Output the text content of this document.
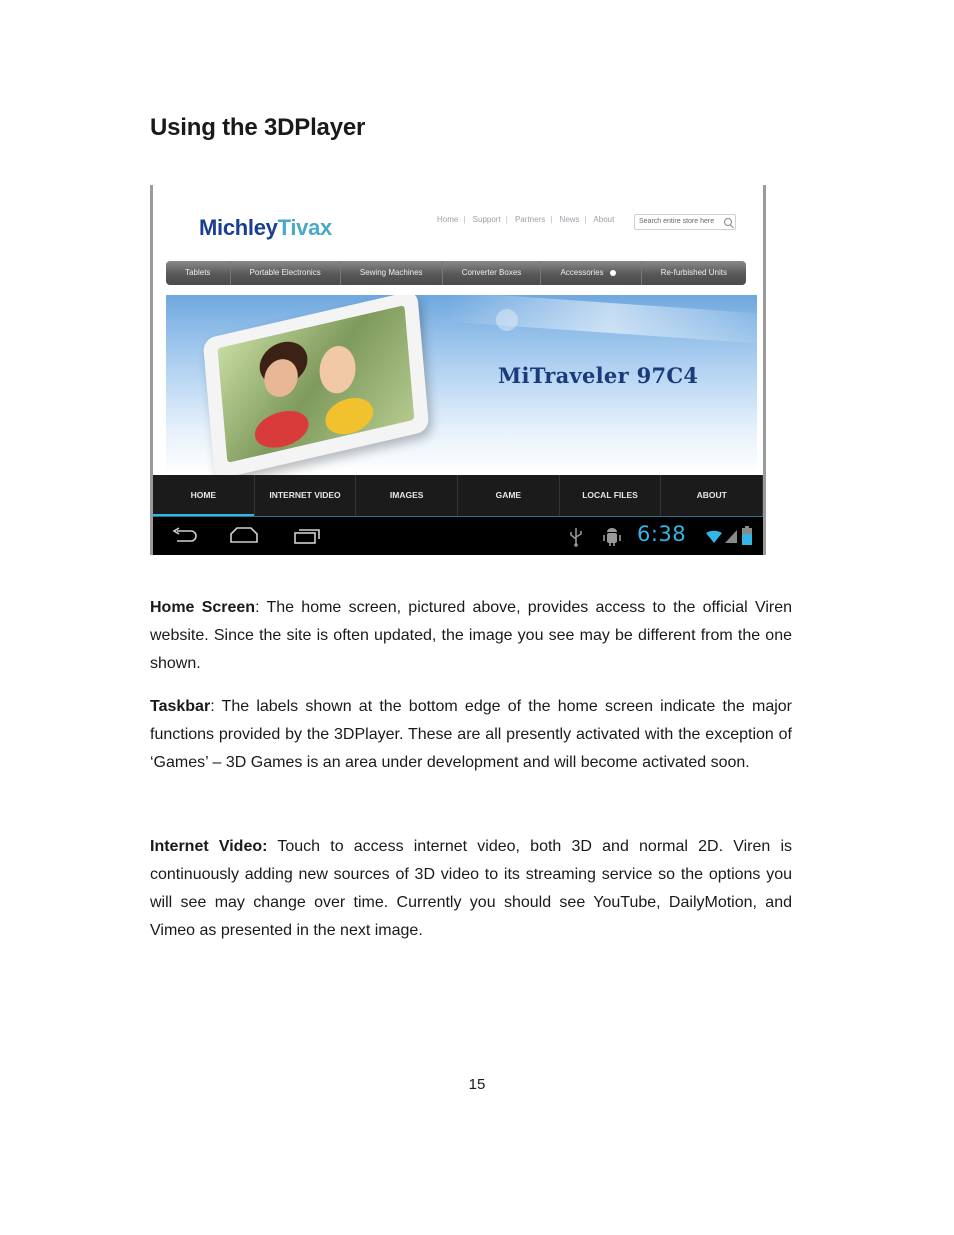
Using the 3DPlayer
MichleyTivax	Home | Support | Partners | News | About	Search entire store here
Tablets	Portable Electronics	Sewing Machines	Converter Boxes	Accessories	Re-furbished Units
MiTraveler 97C4
HOME	INTERNET VIDEO	IMAGES	GAME	LOCAL FILES	ABOUT
6:38

Home Screen: The home screen, pictured above, provides access to the official Viren website. Since the site is often updated, the image you see may be different from the one shown.

Taskbar: The labels shown at the bottom edge of the home screen indicate the major functions provided by the 3DPlayer. These are all presently activated with the exception of ‘Games’ – 3D Games is an area under development and will become activated soon.

Internet Video: Touch to access internet video, both 3D and normal 2D. Viren is continuously adding new sources of 3D video to its streaming service so the options you will see may change over time. Currently you should see YouTube, DailyMotion, and Vimeo as presented in the next image.

15
